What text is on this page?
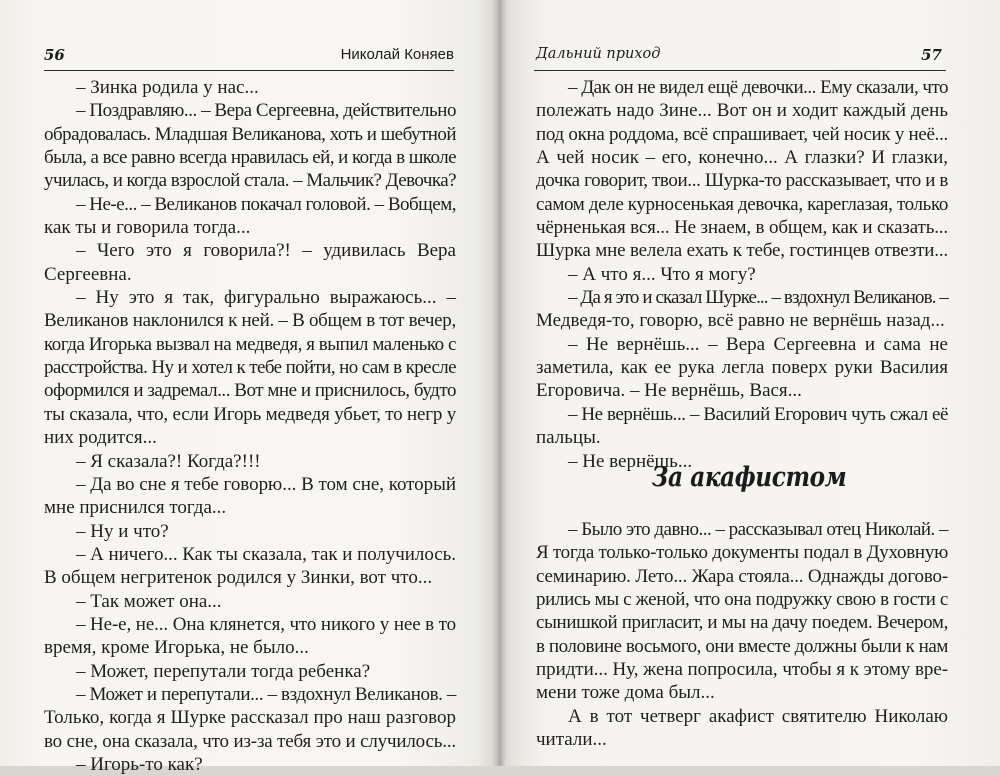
56	Николай Коняев
– Зинка родила у нас...
– Поздравляю... – Вера Сергеевна, действительно
обрадовалась. Младшая Великанова, хоть и шебутной
была, а все равно всегда нравилась ей, и когда в школе
училась, и когда взрослой стала. – Мальчик? Девочка?
– Не-е... – Великанов покачал головой. – Вобщем,
как ты и говорила тогда...
– Чего это я говорила?! – удивилась Вера
Сергеевна.
– Ну это я так, фигурально выражаюсь... –
Великанов наклонился к ней. – В общем в тот вечер,
когда Игорька вызвал на медведя, я выпил маленько с
расстройства. Ну и хотел к тебе пойти, но сам в кресле
оформился и задремал... Вот мне и приснилось, будто
ты сказала, что, если Игорь медведя убьет, то негр у
них родится...
– Я сказала?! Когда?!!!
– Да во сне я тебе говорю... В том сне, который
мне приснился тогда...
– Ну и что?
– А ничего... Как ты сказала, так и получилось.
В общем негритенок родился у Зинки, вот что...
– Так может она...
– Не-е, не... Она клянется, что никого у нее в то
время, кроме Игорька, не было...
– Может, перепутали тогда ребенка?
– Может и перепутали... – вздохнул Великанов. –
Только, когда я Шурке рассказал про наш разговор
во сне, она сказала, что из-за тебя это и случилось...
– Игорь-то как?
Дальний приход	57
– Дак он не видел ещё девочки... Ему сказали, что
полежать надо Зине... Вот он и ходит каждый день
под окна роддома, всё спрашивает, чей носик у неё...
А чей носик – его, конечно... А глазки? И глазки,
дочка говорит, твои... Шурка-то рассказывает, что и в
самом деле курносенькая девочка, кареглазая, только
чёрненькая вся... Не знаем, в общем, как и сказать...
Шурка мне велела ехать к тебе, гостинцев отвезти...
– А что я... Что я могу?
– Да я это и сказал Шурке... – вздохнул Великанов. –
Медведя-то, говорю, всё равно не вернёшь назад...
– Не вернёшь... – Вера Сергеевна и сама не
заметила, как ее рука легла поверх руки Василия
Егоровича. – Не вернёшь, Вася...
– Не вернёшь... – Василий Егорович чуть сжал её
пальцы.
– Не вернёшь...
За акафистом
– Было это давно... – рассказывал отец Николай. –
Я тогда только-только документы подал в Духовную
семинарию. Лето... Жара стояла... Однажды догово-
рились мы с женой, что она подружку свою в гости с
сынишкой пригласит, и мы на дачу поедем. Вечером,
в половине восьмого, они вместе должны были к нам
придти... Ну, жена попросила, чтобы я к этому вре-
мени тоже дома был...
А в тот четверг акафист святителю Николаю
читали...
